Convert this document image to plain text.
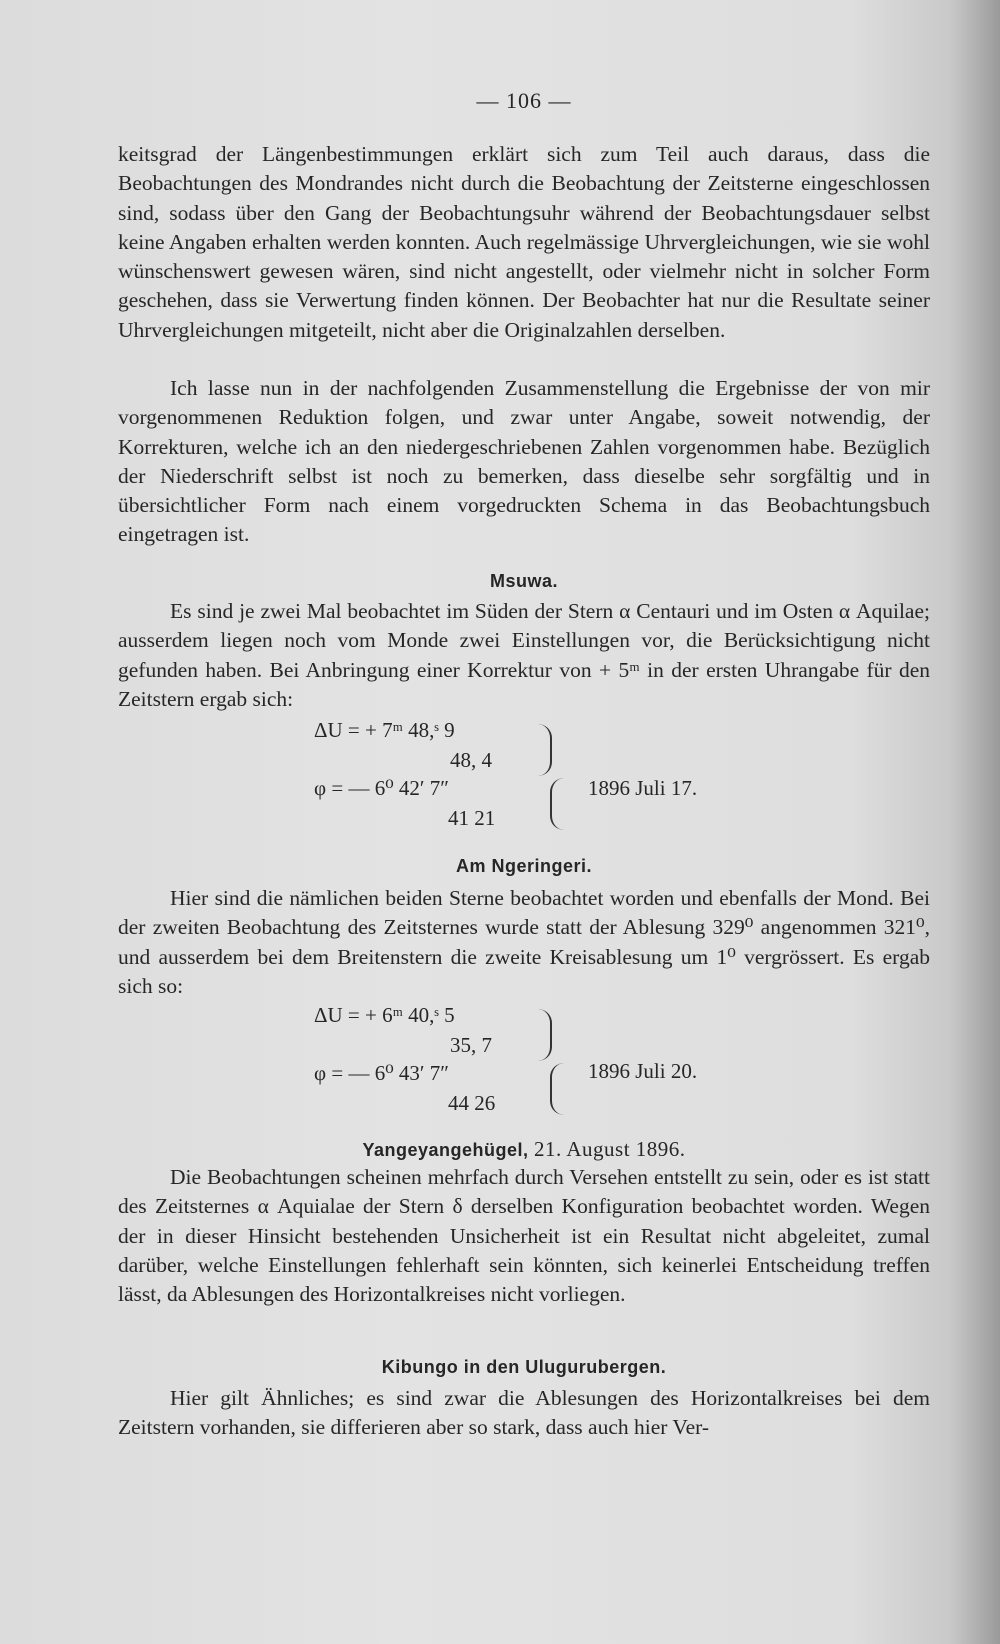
— 106 —

keitsgrad der Längenbestimmungen erklärt sich zum Teil auch daraus, dass die Beobachtungen des Mondrandes nicht durch die Beobachtung der Zeitsterne eingeschlossen sind, sodass über den Gang der Beobachtungsuhr während der Beobachtungsdauer selbst keine Angaben erhalten werden konnten. Auch regelmässige Uhrvergleichungen, wie sie wohl wünschenswert gewesen wären, sind nicht angestellt, oder vielmehr nicht in solcher Form geschehen, dass sie Verwertung finden können. Der Beobachter hat nur die Resultate seiner Uhrvergleichungen mitgeteilt, nicht aber die Originalzahlen derselben.

Ich lasse nun in der nachfolgenden Zusammenstellung die Ergebnisse der von mir vorgenommenen Reduktion folgen, und zwar unter Angabe, soweit notwendig, der Korrekturen, welche ich an den niedergeschriebenen Zahlen vorgenommen habe. Bezüglich der Niederschrift selbst ist noch zu bemerken, dass dieselbe sehr sorgfältig und in übersichtlicher Form nach einem vorgedruckten Schema in das Beobachtungsbuch eingetragen ist.

Msuwa.

Es sind je zwei Mal beobachtet im Süden der Stern α Centauri und im Osten α Aquilae; ausserdem liegen noch vom Monde zwei Einstellungen vor, die Berücksichtigung nicht gefunden haben. Bei Anbringung einer Korrektur von + 5ᵐ in der ersten Uhrangabe für den Zeitstern ergab sich:

ΔU = + 7ᵐ 48,ˢ 9
48, 4
φ = — 6⁰ 42′ 7″
41 21
1896 Juli 17.
Am Ngeringeri.

Hier sind die nämlichen beiden Sterne beobachtet worden und ebenfalls der Mond. Bei der zweiten Beobachtung des Zeitsternes wurde statt der Ablesung 329⁰ angenommen 321⁰, und ausserdem bei dem Breitenstern die zweite Kreisablesung um 1⁰ vergrössert. Es ergab sich so:

ΔU = + 6ᵐ 40,ˢ 5
35, 7
φ = — 6⁰ 43′ 7″
44 26
1896 Juli 20.
Yangeyangehügel, 21. August 1896.

Die Beobachtungen scheinen mehrfach durch Versehen entstellt zu sein, oder es ist statt des Zeitsternes α Aquialae der Stern δ derselben Konfiguration beobachtet worden. Wegen der in dieser Hinsicht bestehenden Unsicherheit ist ein Resultat nicht abgeleitet, zumal darüber, welche Einstellungen fehlerhaft sein könnten, sich keinerlei Entscheidung treffen lässt, da Ablesungen des Horizontalkreises nicht vorliegen.

Kibungo in den Ulugurubergen.

Hier gilt Ähnliches; es sind zwar die Ablesungen des Horizontalkreises bei dem Zeitstern vorhanden, sie differieren aber so stark, dass auch hier Ver-
